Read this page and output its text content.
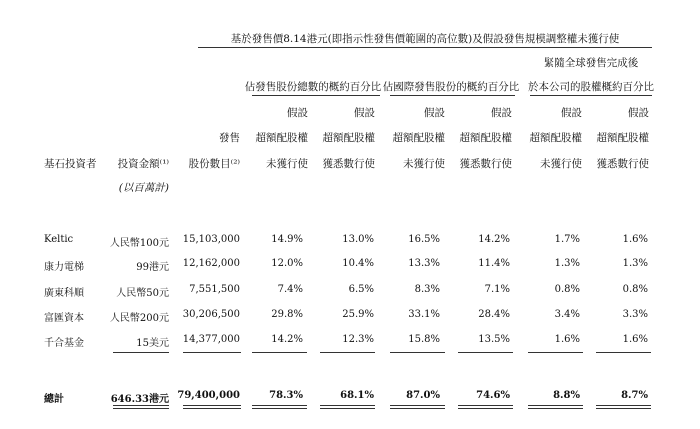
基於發售價8.14港元(即指示性發售價範圍的高位數)及假設發售規模調整權未獲行使
緊隨全球發售完成後
於本公司的股權概約百分比
佔發售股份總數的概約百分比 佔國際發售股份的概約百分比
假設	假設	假設	假設	假設	假設
發售 超額配股權 超額配股權 超額配股權 超額配股權 超額配股權 超額配股權
基石投資者 投資金額⁽¹⁾ 股份數目⁽²⁾ 未獲行使 獲悉數行使	未獲行使 獲悉數行使	未獲行使 獲悉數行使
(以百萬計)
Keltic	人民幣100元 15,103,000	14.9%	13.0%	16.5%	14.2%	1.7%	1.6%
康力電梯	99港元 12,162,000	12.0%	10.4%	13.3%	11.4%	1.3%	1.3%
廣東科順	人民幣50元 7,551,500	7.4%	6.5%	8.3%	7.1%	0.8%	0.8%
富匯資本	人民幣200元 30,206,500	29.8%	25.9%	33.1%	28.4%	3.4%	3.3%
千合基金	15美元 14,377,000	14.2%	12.3%	15.8%	13.5%	1.6%	1.6%
總計	646.33港元 79,400,000	78.3%	68.1%	87.0%	74.6%	8.8%	8.7%
